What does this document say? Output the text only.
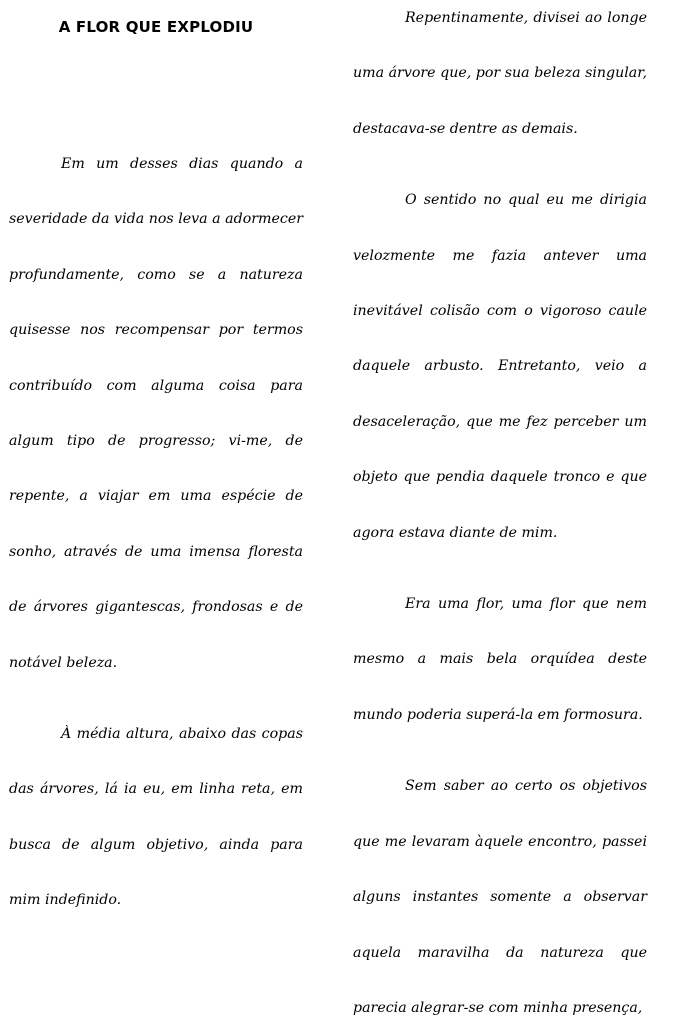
A FLOR QUE EXPLODIU

Em um desses dias quando a severidade da vida nos leva a adormecer profundamente, como se a natureza quisesse nos recompensar por termos contribuído com alguma coisa para algum tipo de progresso; vi-me, de repente, a viajar em uma espécie de sonho, através de uma imensa floresta de árvores gigantescas, frondosas e de notável beleza.

À média altura, abaixo das copas das árvores, lá ia eu, em linha reta, em busca de algum objetivo, ainda para mim indefinido.

Repentinamente, divisei ao longe uma árvore que, por sua beleza singular, destacava-se dentre as demais.

O sentido no qual eu me dirigia velozmente me fazia antever uma inevitável colisão com o vigoroso caule daquele arbusto. Entretanto, veio a desaceleração, que me fez perceber um objeto que pendia daquele tronco e que agora estava diante de mim.

Era uma flor, uma flor que nem mesmo a mais bela orquídea deste mundo poderia superá-la em formosura.

Sem saber ao certo os objetivos que me levaram àquele encontro, passei alguns instantes somente a observar aquela maravilha da natureza que parecia alegrar-se com minha presença,
